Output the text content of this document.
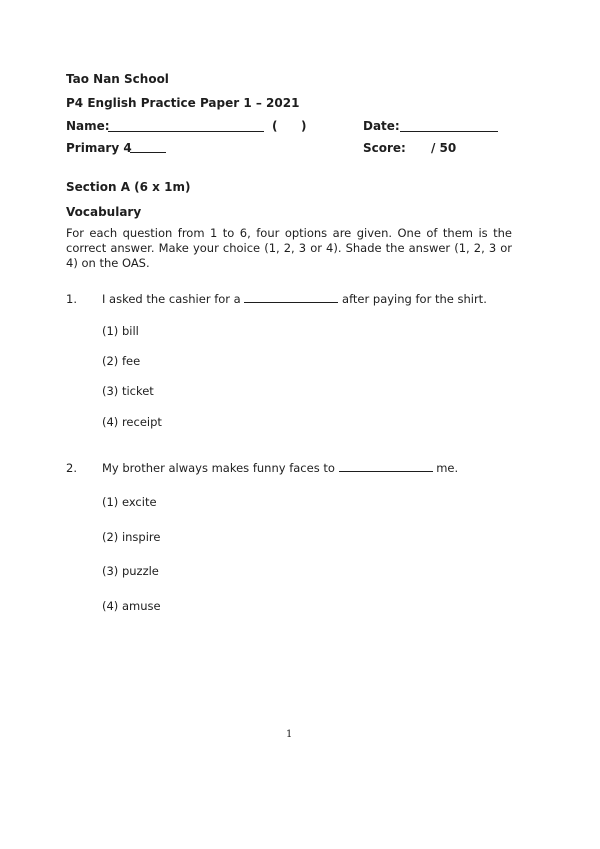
Tao Nan School
P4 English Practice Paper 1 – 2021
Name:	( )	Date:
Primary 4	Score: / 50
Section A (6 x 1m)
Vocabulary
For each question from 1 to 6, four options are given. One of them is the correct answer. Make your choice (1, 2, 3 or 4). Shade the answer (1, 2, 3 or 4) on the OAS.
1. I asked the cashier for a	after paying for the shirt.
(1) bill
(2) fee
(3) ticket
(4) receipt
2. My brother always makes funny faces to	me.
(1) excite
(2) inspire
(3) puzzle
(4) amuse
1
